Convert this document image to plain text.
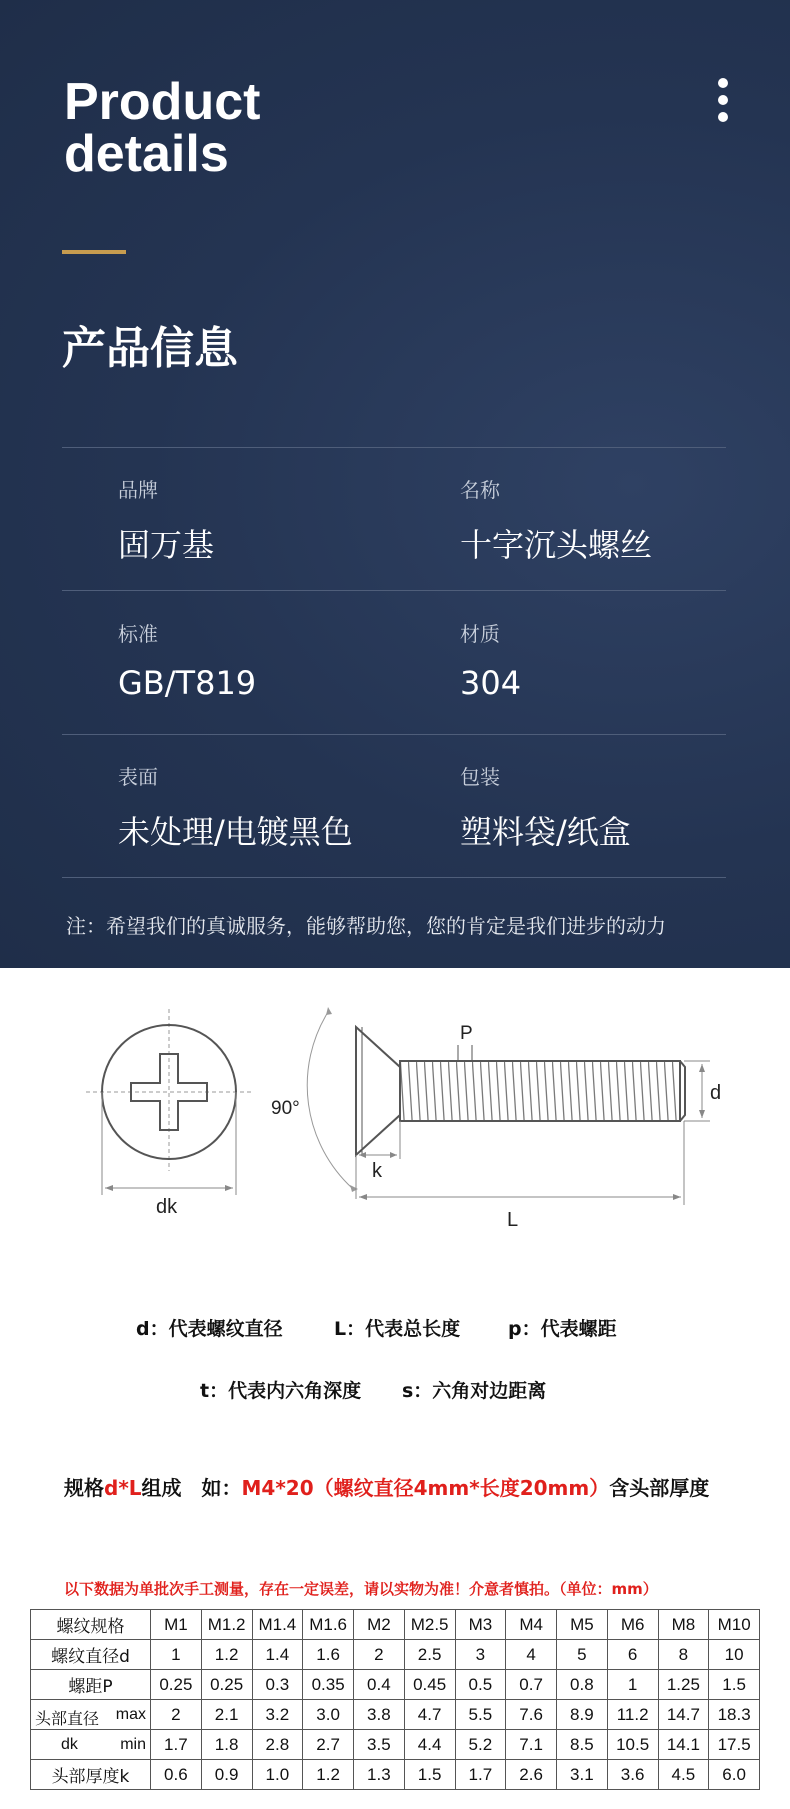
Product
details
产品信息
品牌
固万基
名称
十字沉头螺丝
标准
GB/T819
材质
304
表面
未处理/电镀黑色
包装
塑料袋/纸盒
注：希望我们的真诚服务，能够帮助您，您的肯定是我们进步的动力
dk
90°
P
d
k
L
d：代表螺纹直径	L：代表总长度	p：代表螺距
t：代表内六角深度 s：六角对边距离
规格d*L组成　如：M4*20（螺纹直径4mm*长度20mm）含头部厚度
以下数据为单批次手工测量，存在一定误差，请以实物为准！介意者慎拍。（单位：mm）
螺纹规格	M1	M1.2	M1.4	M1.6	M2	M2.5	M3	M4	M5	M6	M8	M10
螺纹直径d	1	1.2	1.4	1.6	2	2.5	3	4	5	6	8	10
螺距P	0.25	0.25	0.3	0.35	0.4	0.45	0.5	0.7	0.8	1	1.25	1.5

头部直径 max	2	2.1	3.2	3.0	3.8	4.7	5.5	7.6	8.9	11.2	14.7	18.3

dk min	1.7	1.8	2.8	2.7	3.5	4.4	5.2	7.1	8.5	10.5	14.1	17.5
头部厚度k	0.6	0.9	1.0	1.2	1.3	1.5	1.7	2.6	3.1	3.6	4.5	6.0
